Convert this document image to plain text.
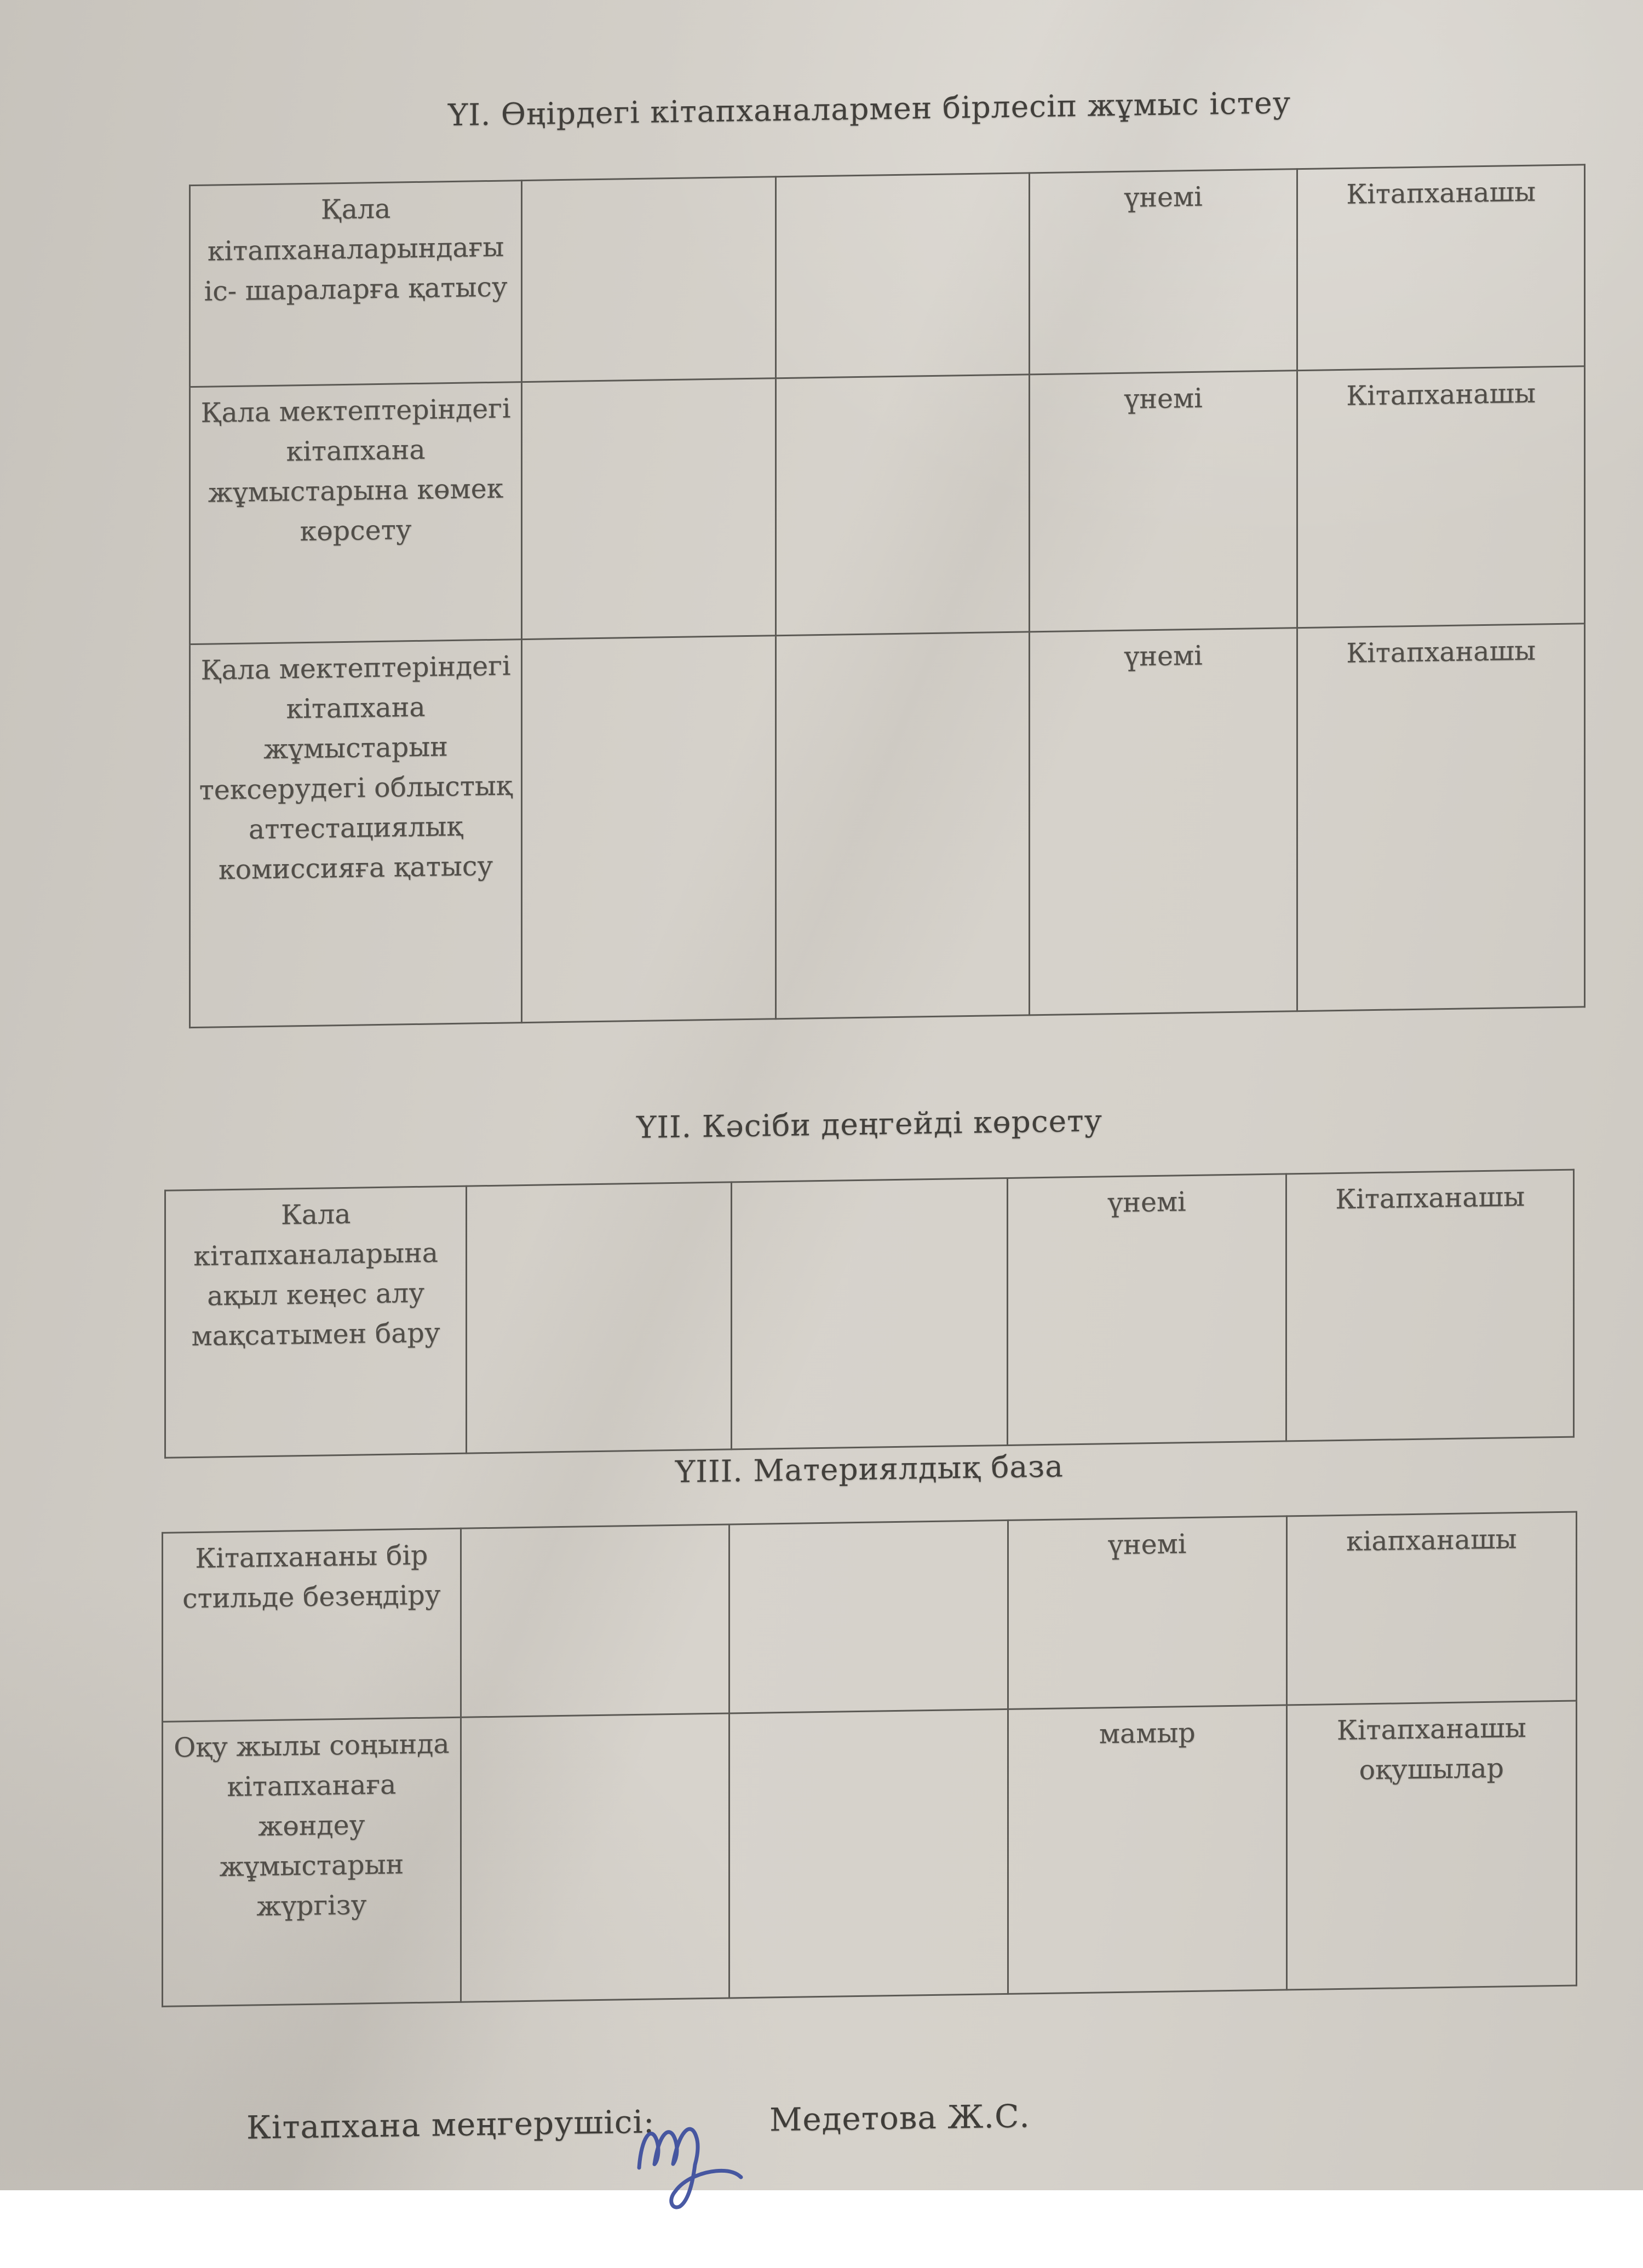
ҮІ. Өңірдегі кітапханалармен бірлесіп жұмыс істеу
Қала кітапханаларындағы іс- шараларға қатысу			үнемі	Кітапханашы
Қала мектептеріндегі кітапхана жұмыстарына көмек көрсету			үнемі	Кітапханашы
Қала мектептеріндегі кітапхана жұмыстарын тексерудегі облыстық аттестациялық комиссияға қатысу			үнемі	Кітапханашы
ҮІІ. Кәсіби деңгейді көрсету
Кала кітапханаларына ақыл кеңес алу мақсатымен бару			үнемі	Кітапханашы
ҮІІІ. Материялдық база
Кітапхананы бір стильде безеңдіру			үнемі	кіапханашы
Оқу жылы соңында кітапханаға жөндеу жұмыстарын жүргізу			мамыр	Кітапханашы оқушылар
Кітапхана меңгерушісі:	Медетова Ж.С.
